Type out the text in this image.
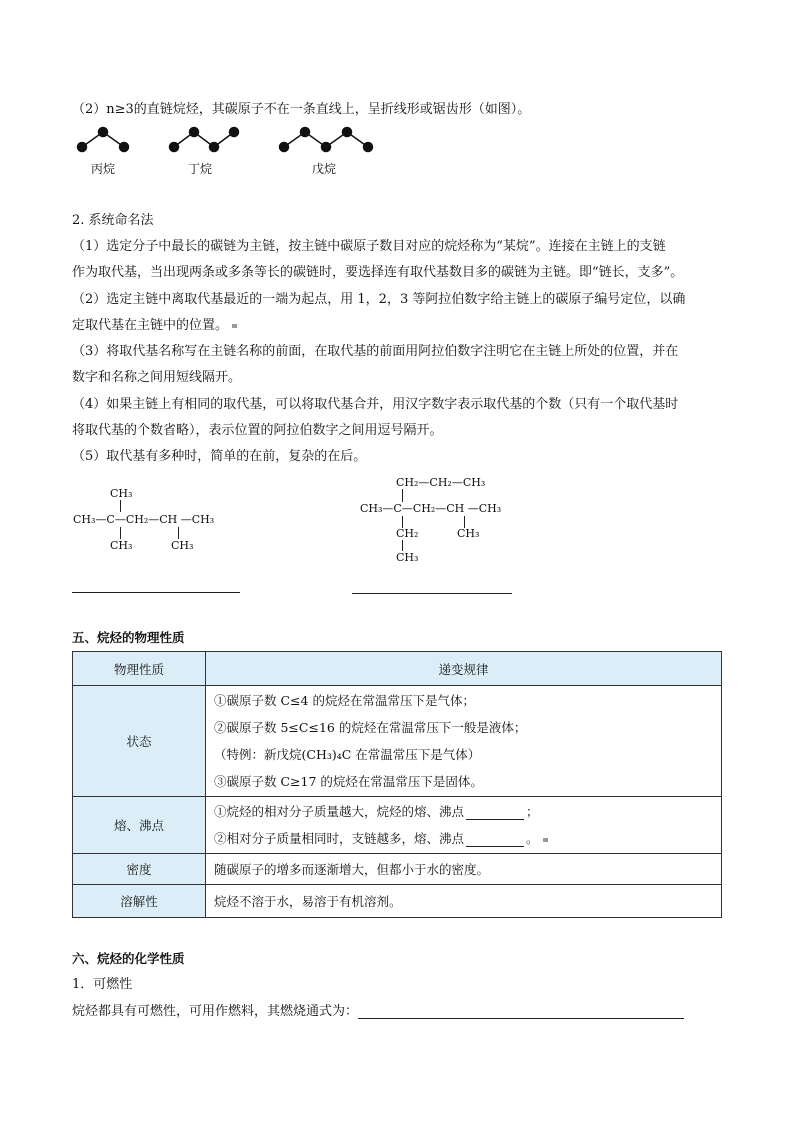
（2）n≥3的直链烷烃，其碳原子不在一条直线上，呈折线形或锯齿形（如图）。
丙烷	丁烷	戊烷
2. 系统命名法
（1）选定分子中最长的碳链为主链，按主链中碳原子数目对应的烷烃称为“某烷”。连接在主链上的支链
作为取代基，当出现两条或多条等长的碳链时，要选择连有取代基数目多的碳链为主链。即“链长，支多”。
（2）选定主链中离取代基最近的一端为起点，用 1，2，3 等阿拉伯数字给主链上的碳原子编号定位，以确
定取代基在主链中的位置。
（3）将取代基名称写在主链名称的前面，在取代基的前面用阿拉伯数字注明它在主链上所处的位置，并在
数字和名称之间用短线隔开。
（4）如果主链上有相同的取代基，可以将取代基合并，用汉字数字表示取代基的个数（只有一个取代基时
将取代基的个数省略），表示位置的阿拉伯数字之间用逗号隔开。
（5）取代基有多种时，简单的在前，复杂的在后。
CH₃
CH₃—C—CH₂—CH —CH₃
CH₃	CH₃
CH₂—CH₂—CH₃
CH₃—C—CH₂—CH —CH₃
CH₂	CH₃
CH₃
五、烷烃的物理性质
物理性质	递变规律
状态	①碳原子数 C≤4 的烷烃在常温常压下是气体；
②碳原子数 5≤C≤16 的烷烃在常温常压下一般是液体；
（特例：新戊烷(CH₃)₄C 在常温常压下是气体）
③碳原子数 C≥17 的烷烃在常温常压下是固体。

熔、沸点	①烷烃的相对分子质量越大，烷烃的熔、沸点 ；
②相对分子质量相同时，支链越多，熔、沸点 。

密度	随碳原子的增多而逐渐增大，但都小于水的密度。
溶解性	烷烃不溶于水，易溶于有机溶剂。
六、烷烃的化学性质
1．可燃性
烷烃都具有可燃性，可用作燃料，其燃烧通式为：
